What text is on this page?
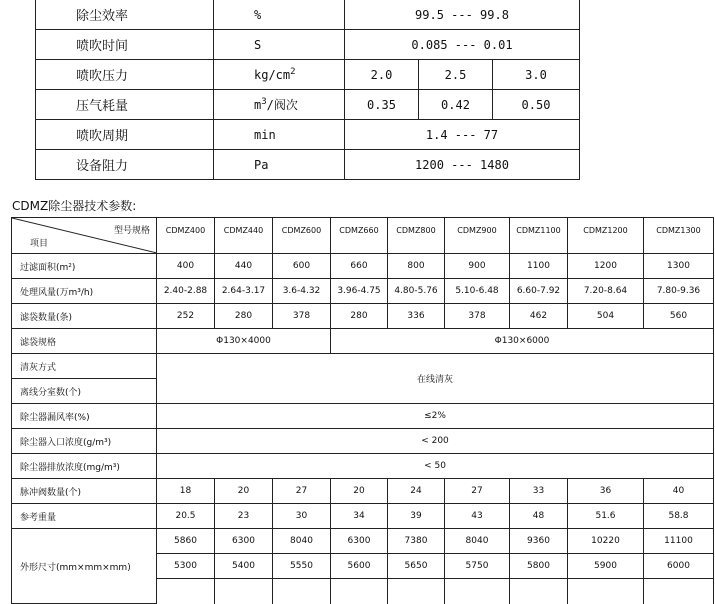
除尘效率	%	99.5 --- 99.8		
喷吹时间	S	0.085 --- 0.01		
喷吹压力	$kg/cm^2$	2.0	2.5	3.0
压气耗量	$m^3/$阀次	0.35	0.42	0.50
喷吹周期	min	1.4 --- 77		
设备阻力	Pa	1200 --- 1480		
CDMZ除尘器技术参数:
型号规格
项目	CDMZ400	CDMZ440	CDMZ600	CDMZ660	CDMZ800	CDMZ900	CDMZ1100	CDMZ1200	CDMZ1300
过滤面积(m²)	400	440	600	660	800	900	1100	1200	1300
处理风量(万m³/h)	2.40-2.88	2.64-3.17	3.6-4.32	3.96-4.75	4.80-5.76	5.10-6.48	6.60-7.92	7.20-8.64	7.80-9.36
滤袋数量(条)	252	280	378	280	336	378	462	504	560
滤袋规格	Φ130×4000			Φ130×6000					
清灰方式	在线清灰								
离线分室数(个)									
除尘器漏风率(%)	≤2%								
除尘器入口浓度(g/m³)	< 200								
除尘器排放浓度(mg/m³)	< 50								
脉冲阀数量(个)	18	20	27	20	24	27	33	36	40
参考重量	20.5	23	30	34	39	43	48	51.6	58.8
外形尺寸(mm×mm×mm)	5860	6300	8040	6300	7380	8040	9360	10220	11100
	5300	5400	5550	5600	5650	5750	5800	5900	6000
